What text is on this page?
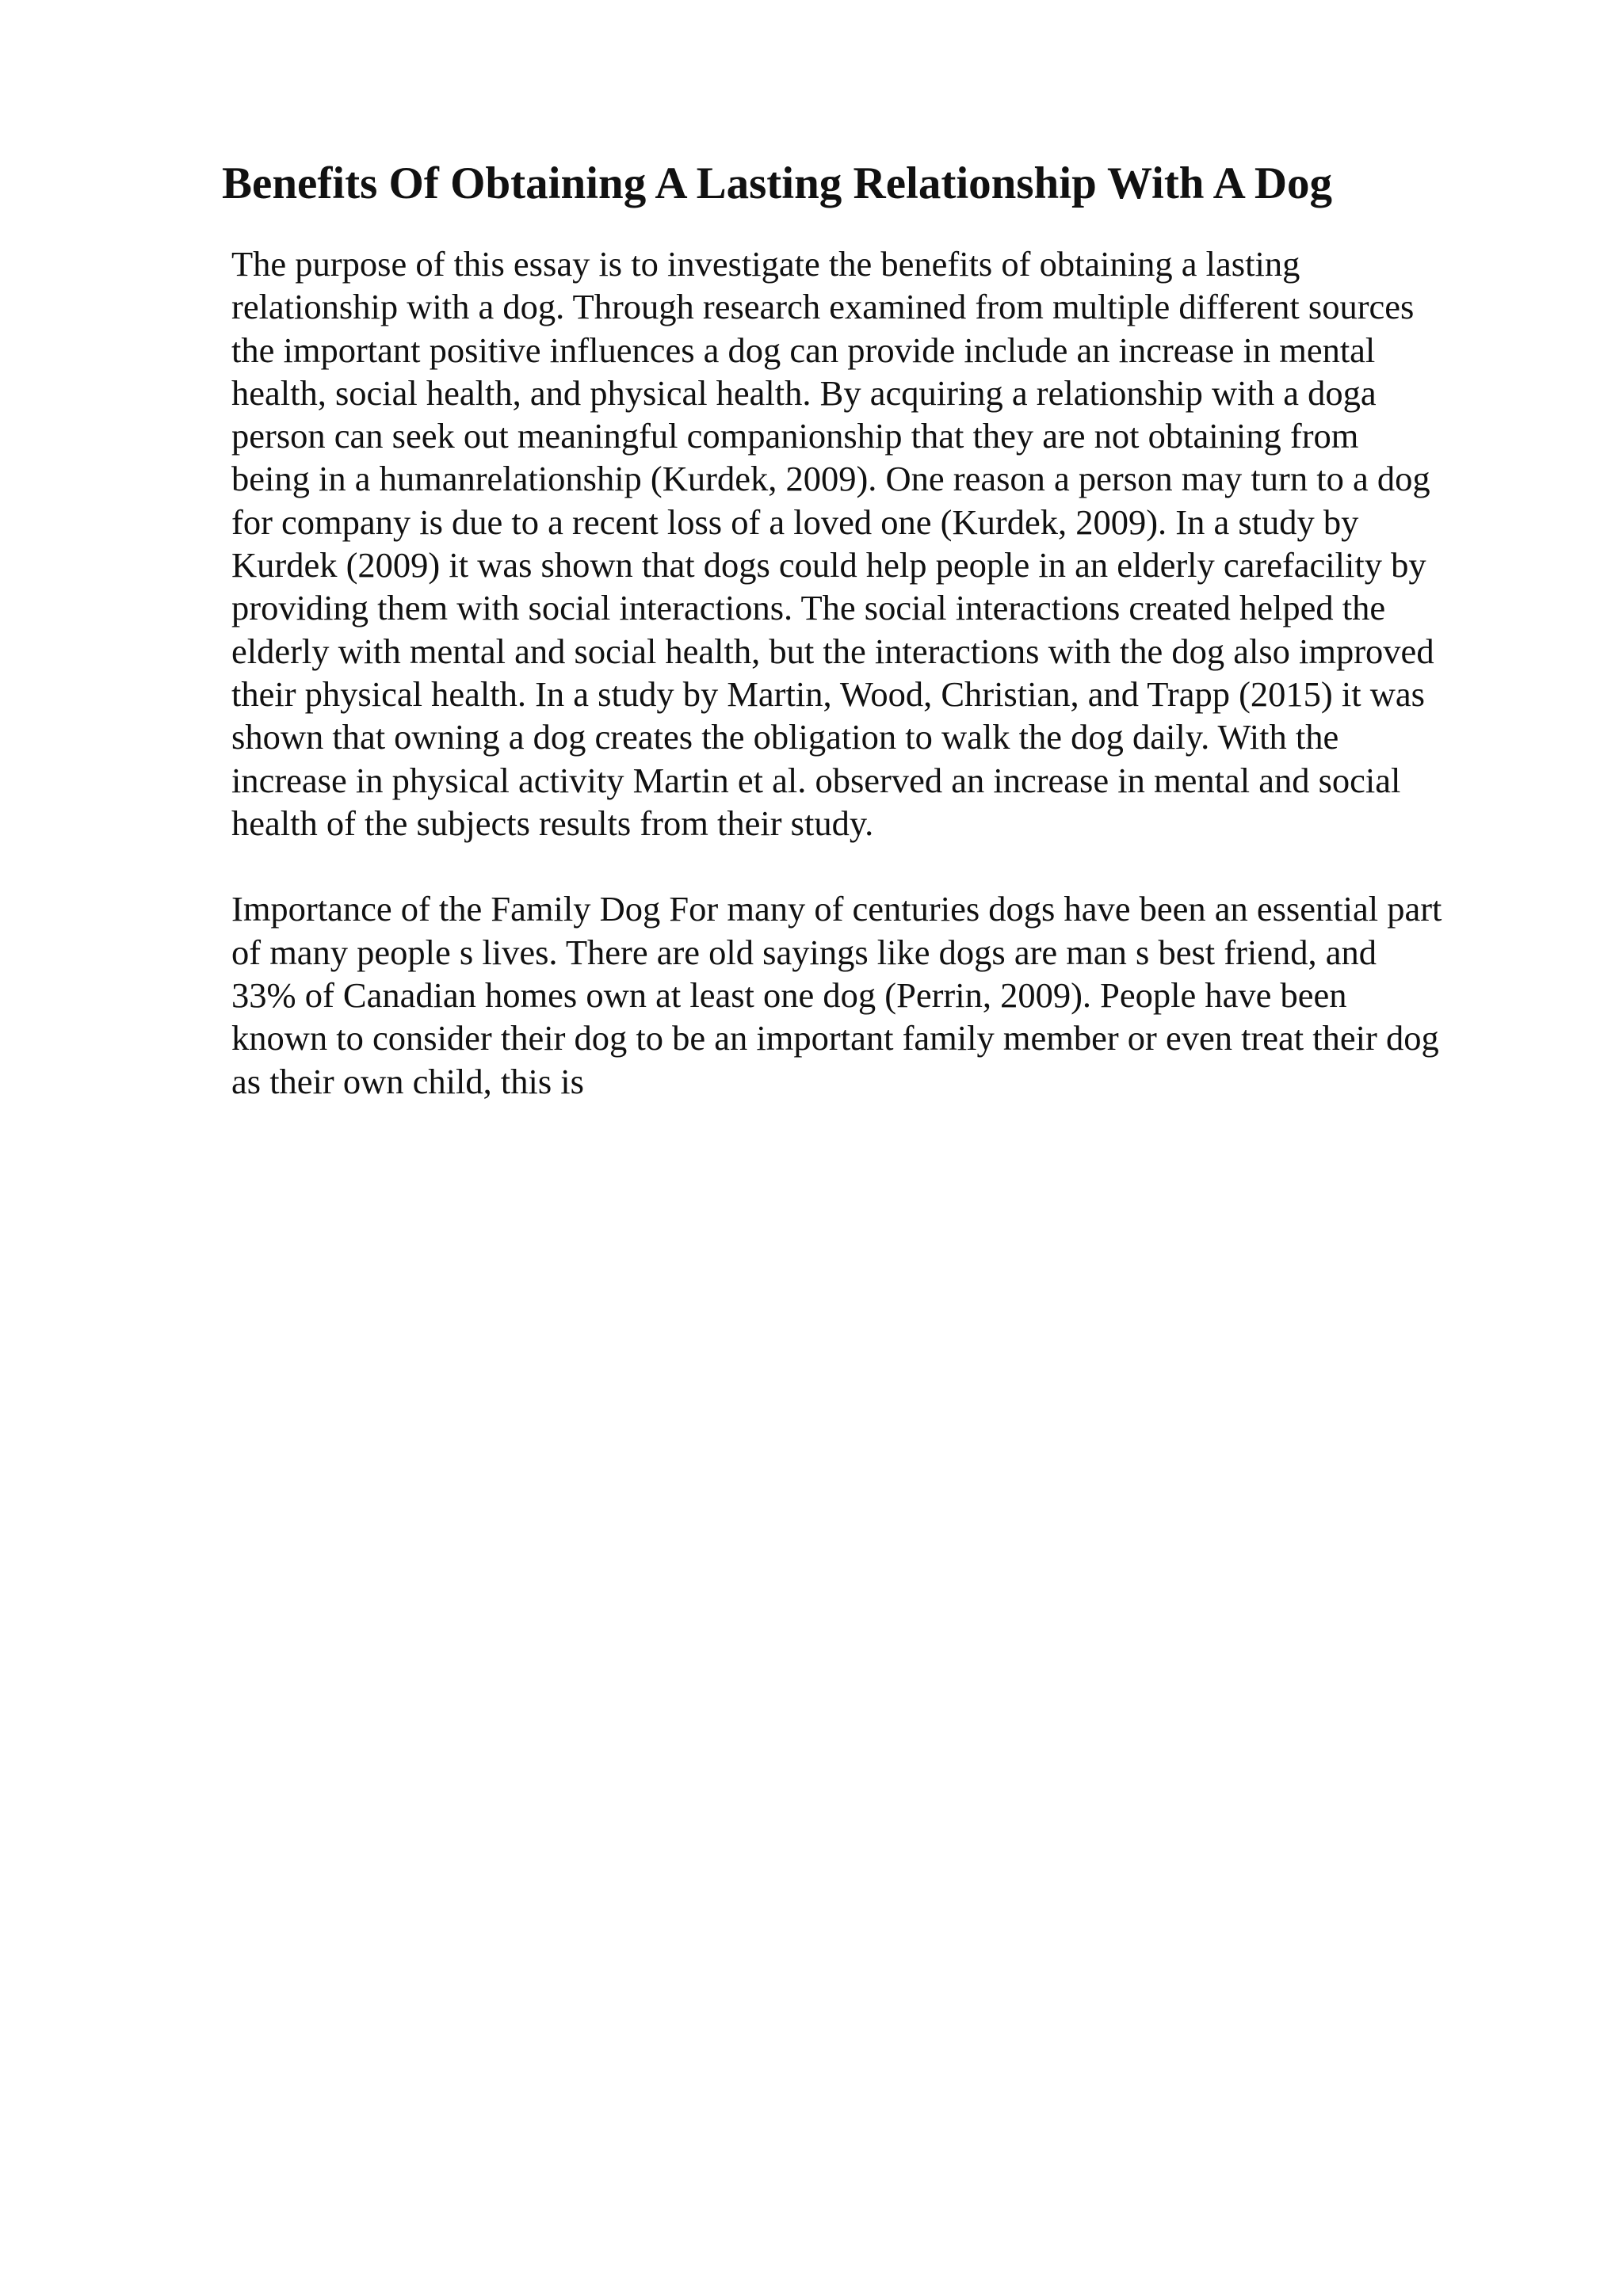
Benefits Of Obtaining A Lasting Relationship With A Dog

The purpose of this essay is to investigate the benefits of obtaining a lasting
relationship with a dog. Through research examined from multiple different sources
the important positive influences a dog can provide include an increase in mental
health, social health, and physical health. By acquiring a relationship with a doga
person can seek out meaningful companionship that they are not obtaining from
being in a humanrelationship (Kurdek, 2009). One reason a person may turn to a dog
for company is due to a recent loss of a loved one (Kurdek, 2009). In a study by
Kurdek (2009) it was shown that dogs could help people in an elderly carefacility by
providing them with social interactions. The social interactions created helped the
elderly with mental and social health, but the interactions with the dog also improved
their physical health. In a study by Martin, Wood, Christian, and Trapp (2015) it was
shown that owning a dog creates the obligation to walk the dog daily. With the
increase in physical activity Martin et al. observed an increase in mental and social
health of the subjects results from their study.

Importance of the Family Dog For many of centuries dogs have been an essential part
of many people s lives. There are old sayings like dogs are man s best friend, and
33% of Canadian homes own at least one dog (Perrin, 2009). People have been
known to consider their dog to be an important family member or even treat their dog
as their own child, this is
